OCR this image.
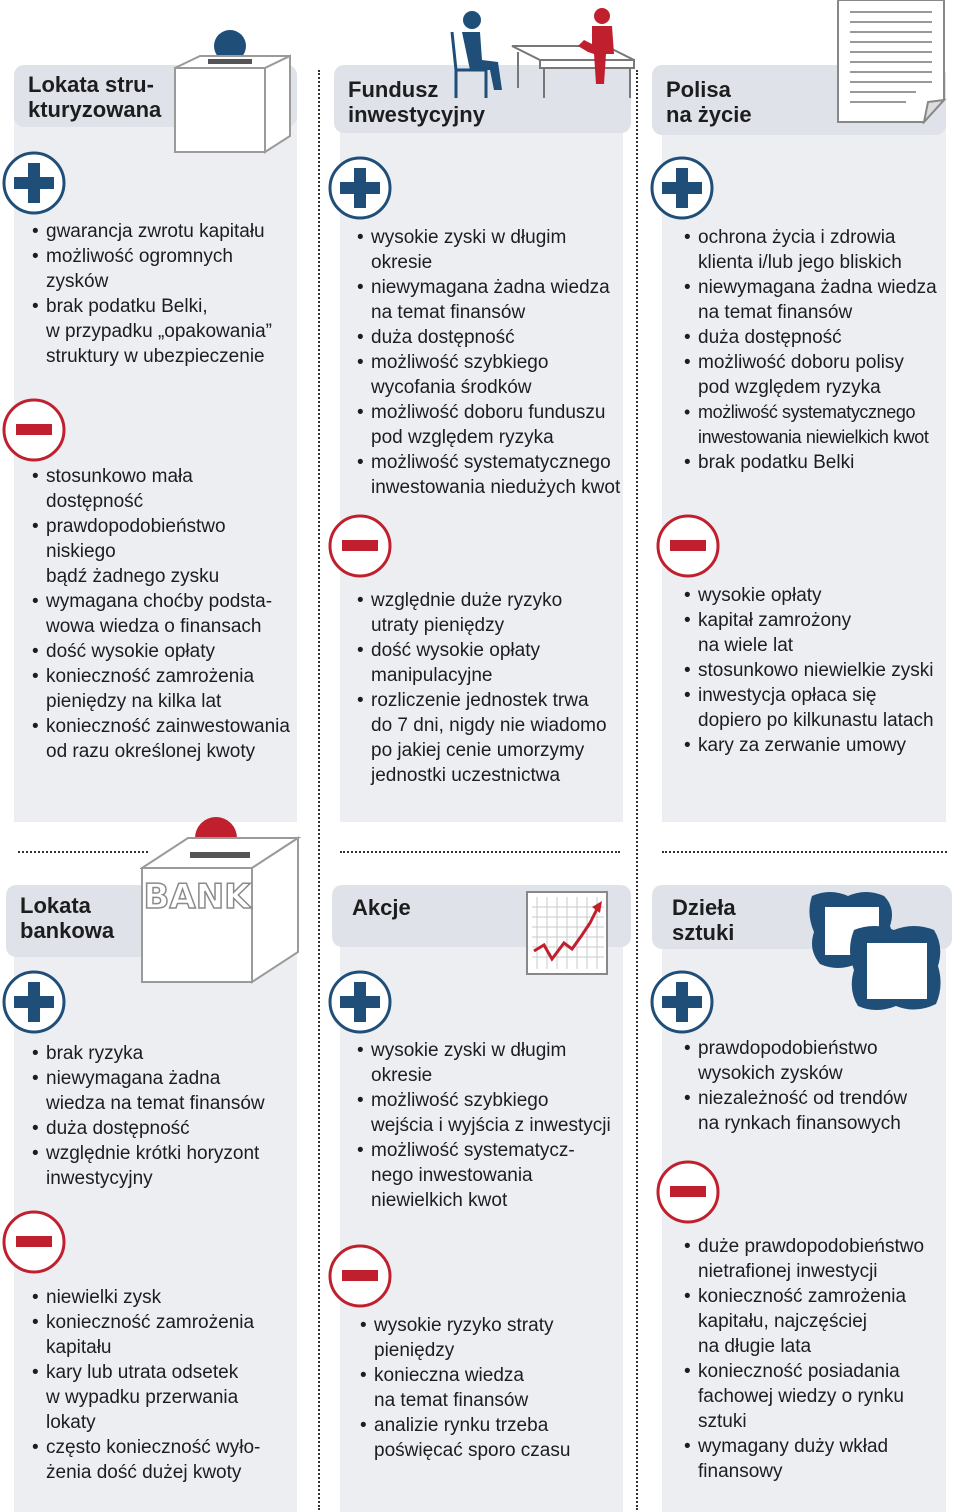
Lokata stru-
kturyzowana
• gwarancja zwrotu kapitału
• możliwość ogromnych
zysków
• brak podatku Belki,
w przypadku „opakowania”
struktury w ubezpieczenie
• stosunkowo mała dostępność
• prawdopodobieństwo niskiego
bądź żadnego zysku
• wymagana choćby podsta-
wowa wiedza o finansach
• dość wysokie opłaty
• konieczność zamrożenia
pieniędzy na kilka lat
• konieczność zainwestowania
od razu określonej kwoty
Fundusz
inwestycyjny
• wysokie zyski w długim
okresie
• niewymagana żadna wiedza
na temat finansów
• duża dostępność
• możliwość szybkiego
wycofania środków
• możliwość doboru funduszu
pod względem ryzyka
• możliwość systematycznego
inwestowania niedużych kwot
• względnie duże ryzyko
utraty pieniędzy
• dość wysokie opłaty
manipulacyjne
• rozliczenie jednostek trwa
do 7 dni, nigdy nie wiadomo
po jakiej cenie umorzymy
jednostki uczestnictwa
Polisa
na życie
• ochrona życia i zdrowia
klienta i/lub jego bliskich
• niewymagana żadna wiedza
na temat finansów
• duża dostępność
• możliwość doboru polisy
pod względem ryzyka
• możliwość systematycznego
inwestowania niewielkich kwot
• brak podatku Belki
• wysokie opłaty
• kapitał zamrożony
na wiele lat
• stosunkowo niewielkie zyski
• inwestycja opłaca się
dopiero po kilkunastu latach
• kary za zerwanie umowy
Lokata
bankowa
BANK
• brak ryzyka
• niewymagana żadna
wiedza na temat finansów
• duża dostępność
• względnie krótki horyzont
inwestycyjny
• niewielki zysk
• konieczność zamrożenia
kapitału
• kary lub utrata odsetek
w wypadku przerwania
lokaty
• często konieczność wyło-
żenia dość dużej kwoty
Akcje
• wysokie zyski w długim
okresie
• możliwość szybkiego
wejścia i wyjścia z inwestycji
• możliwość systematycz-
nego inwestowania
niewielkich kwot
• wysokie ryzyko straty
pieniędzy
• konieczna wiedza
na temat finansów
• analizie rynku trzeba
poświęcać sporo czasu
Dzieła
sztuki
• prawdopodobieństwo
wysokich zysków
• niezależność od trendów
na rynkach finansowych
• duże prawdopodobieństwo
nietrafionej inwestycji
• konieczność zamrożenia
kapitału, najczęściej
na długie lata
• konieczność posiadania
fachowej wiedzy o rynku
sztuki
• wymagany duży wkład
finansowy
